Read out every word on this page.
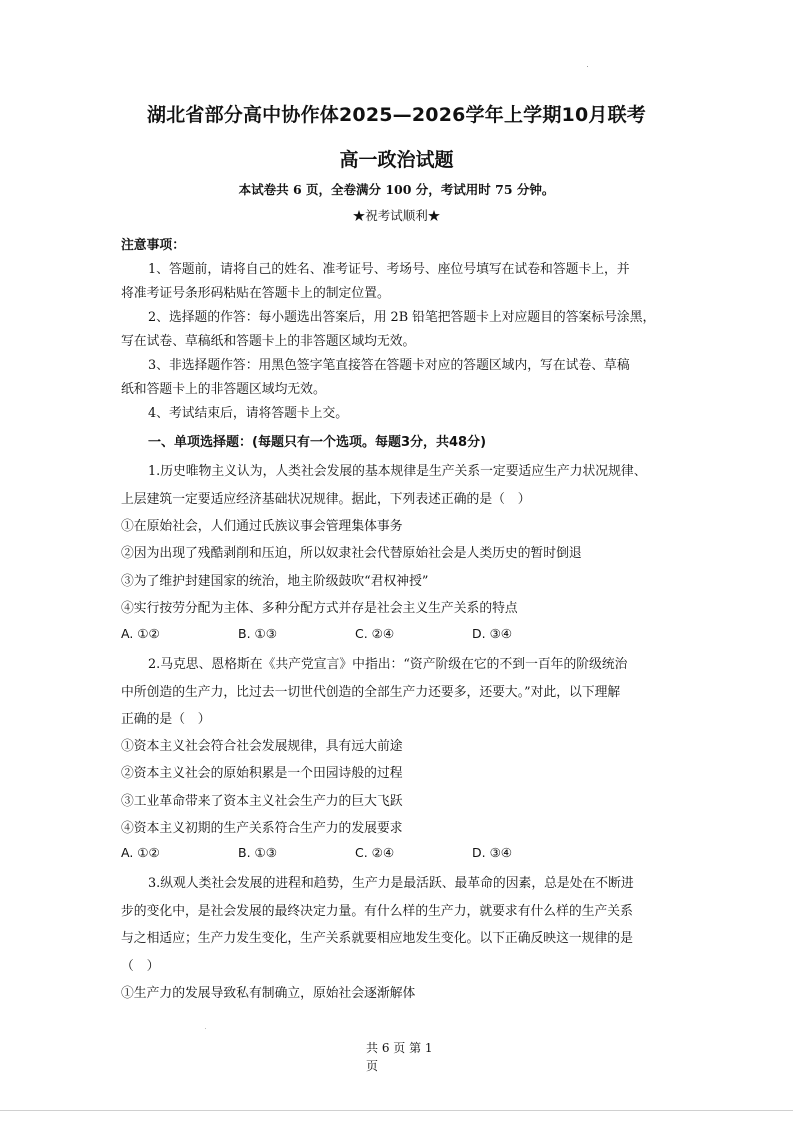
湖北省部分高中协作体2025—2026学年上学期10月联考
高一政治试题
本试卷共 6 页，全卷满分 100 分，考试用时 75 分钟。
★祝考试顺利★
注意事项：
1、答题前，请将自己的姓名、准考证号、考场号、座位号填写在试卷和答题卡上，并
将准考证号条形码粘贴在答题卡上的制定位置。
2、选择题的作答：每小题选出答案后，用 2B 铅笔把答题卡上对应题目的答案标号涂黑，
写在试卷、草稿纸和答题卡上的非答题区域均无效。
3、非选择题作答：用黑色签字笔直接答在答题卡对应的答题区域内，写在试卷、草稿
纸和答题卡上的非答题区域均无效。
4、考试结束后，请将答题卡上交。
一、单项选择题：(每题只有一个选项。每题3分，共48分)
1.历史唯物主义认为，人类社会发展的基本规律是生产关系一定要适应生产力状况规律、
上层建筑一定要适应经济基础状况规律。据此，下列表述正确的是（　）
①在原始社会，人们通过氏族议事会管理集体事务
②因为出现了残酷剥削和压迫，所以奴隶社会代替原始社会是人类历史的暂时倒退
③为了维护封建国家的统治，地主阶级鼓吹“君权神授”
④实行按劳分配为主体、多种分配方式并存是社会主义生产关系的特点
A. ①②	B. ①③	C. ②④	D. ③④
2.马克思、恩格斯在《共产党宣言》中指出：“资产阶级在它的不到一百年的阶级统治
中所创造的生产力，比过去一切世代创造的全部生产力还要多，还要大。”对此，以下理解
正确的是（　）
①资本主义社会符合社会发展规律，具有远大前途
②资本主义社会的原始积累是一个田园诗般的过程
③工业革命带来了资本主义社会生产力的巨大飞跃
④资本主义初期的生产关系符合生产力的发展要求
A. ①②	B. ①③	C. ②④	D. ③④
3.纵观人类社会发展的进程和趋势，生产力是最活跃、最革命的因素，总是处在不断进
步的变化中，是社会发展的最终决定力量。有什么样的生产力，就要求有什么样的生产关系
与之相适应；生产力发生变化，生产关系就要相应地发生变化。以下正确反映这一规律的是
（　）
①生产力的发展导致私有制确立，原始社会逐渐解体
共 6 页 第 1
页
